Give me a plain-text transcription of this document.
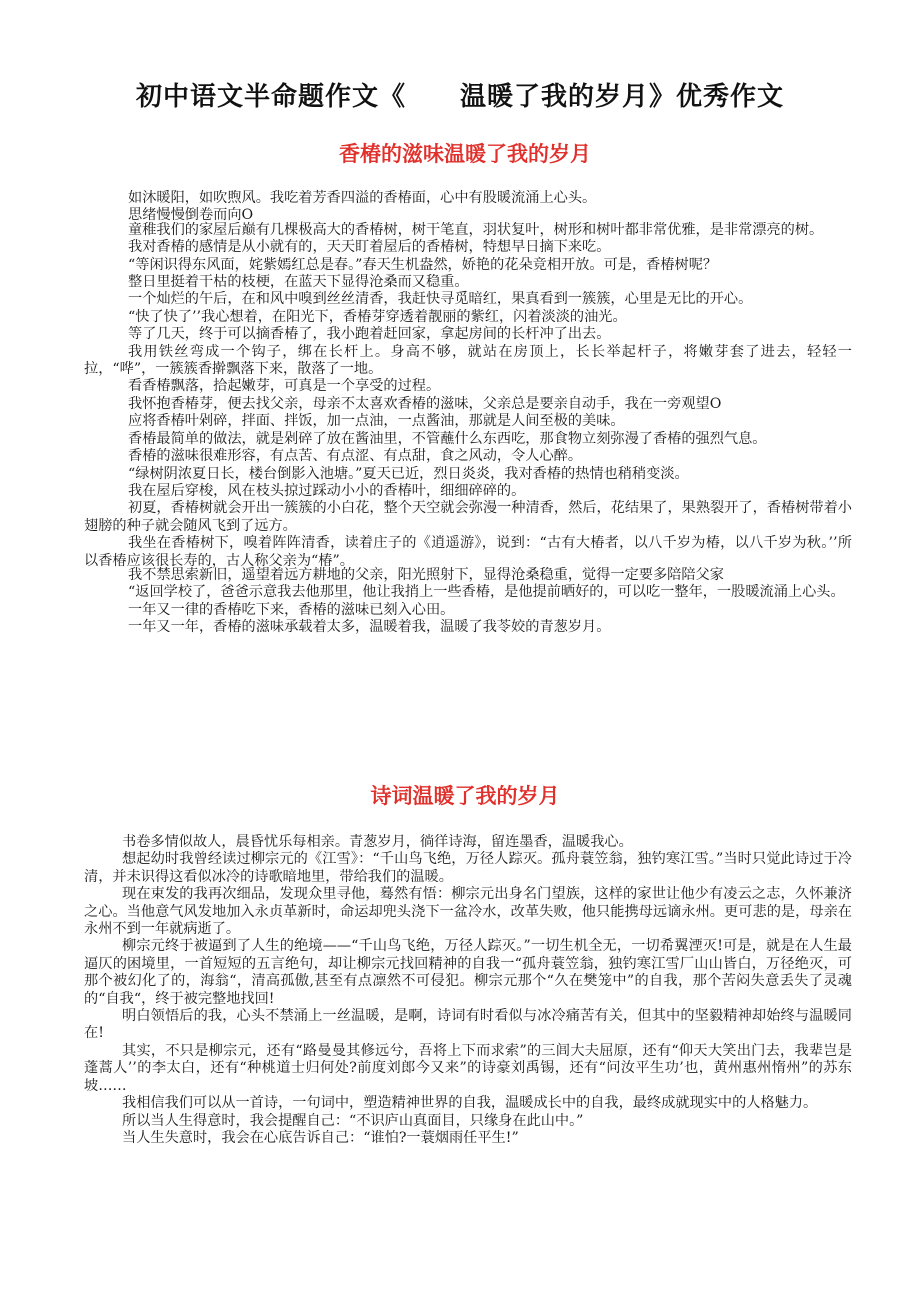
初中语文半命题作文《　　温暖了我的岁月》优秀作文
香椿的滋味温暖了我的岁月

如沐暖阳，如吹煦风。我吃着芳香四溢的香椿面，心中有股暖流涌上心头。

思绪慢慢倒卷而向O

童稚我们的家屋后巅有几棵极高大的香椿树，树干笔直，羽状复叶，树形和树叶都非常优雅，是非常漂亮的树。

我对香椿的感情是从小就有的，天天盯着屋后的香椿树，特想早日摘下来吃。

“等闲识得东风面，姹紫嫣红总是春。”春天生机盎然，娇艳的花朵竞相开放。可是，香椿树呢？

整日里挺着干枯的枝梗，在蓝天下显得沧桑而又稳重。

一个灿烂的午后，在和风中嗅到丝丝清香，我赶快寻觅暗红，果真看到一簇簇，心里是无比的开心。

“快了快了’’我心想着，在阳光下，香椿芽穿透着靓丽的紫红，闪着淡淡的油光。

等了几天，终于可以摘香椿了，我小跑着赶回家，拿起房间的长杆冲了出去。

我用铁丝弯成一个钩子，绑在长杆上。身高不够，就站在房顶上，长长举起杆子，将嫩芽套了进去，轻轻一拉，“哗”，一簇簇香擀飘落下来，散落了一地。

看香椿飘落，拾起嫩芽，可真是一个享受的过程。

我怀抱香椿芽，便去找父亲，母亲不太喜欢香椿的滋味，父亲总是要亲自动手，我在一旁观望O

应将香椿叶剁碎，拌面、拌饭，加一点油，一点酱油，那就是人间至极的美味。

香椿最简单的做法，就是剁碎了放在酱油里，不管蘸什么东西吃，那食物立刻弥漫了香椿的强烈气息。

香椿的滋味很难形容，有点苦、有点涩、有点甜，食之风动，令人心醉。

“绿树阴浓夏日长，楼台倒影入池塘。”夏天已近，烈日炎炎，我对香椿的热情也稍稍变淡。

我在屋后穿梭，风在枝头掠过踩动小小的香椿叶，细细碎碎的。

初夏，香椿树就会开出一簇簇的小白花，整个天空就会弥漫一种清香，然后，花结果了，果熟裂开了，香椿树带着小翅膀的种子就会随风飞到了远方。

我坐在香椿树下，嗅着阵阵清香，读着庄子的《逍遥游》，说到：“古有大椿者，以八千岁为椿，以八千岁为秋。’’所以香椿应该很长寿的，古人称父亲为“椿”。

我不禁思索新旧，遥望着远方耕地的父亲，阳光照射下，显得沧桑稳重，觉得一定要多陪陪父家

“返回学校了，爸爸示意我去他那里，他让我捎上一些香椿，是他提前晒好的，可以吃一整年，一股暖流涌上心头。

一年又一律的香椿吃下来，香椿的滋味已刻入心田。

一年又一年，香椿的滋味承载着太多，温暖着我，温暖了我苓姣的青葱岁月。

诗词温暖了我的岁月

书卷多情似故人，晨昏忧乐每相亲。青葱岁月，徜徉诗海，留连墨香，温暖我心。

想起幼时我曾经读过柳宗元的《江雪》：“千山鸟飞绝，万径人踪灭。孤舟蓑笠翁，独钓寒江雪。”当时只觉此诗过于冷清，并未识得这看似冰冷的诗歌暗地里，带给我们的温暖。

现在束发的我再次细品，发现众里寻他，蓦然有悟：柳宗元出身名门望族，这样的家世让他少有凌云之志，久怀兼济之心。当他意气风发地加入永贞革新时，命运却兜头浇下一盆冷水，改革失败，他只能携母远谪永州。更可悲的是，母亲在永州不到一年就病逝了。

柳宗元终于被逼到了人生的绝境——“千山鸟飞绝，万径人踪灭。”一切生机全无，一切希翼湮灭!可是，就是在人生最逼仄的困境里，一首短短的五言绝句，却让柳宗元找回精神的自我一“孤舟蓑笠翁，独钓寒江雪厂山山皆白，万径绝灭，可那个被幻化了的，海翁“，清高孤傲,甚至有点凛然不可侵犯。柳宗元那个“久在樊笼中”的自我，那个苦闷失意丢失了灵魂的“自我“，终于被完整地找回!

明白领悟后的我，心头不禁涌上一丝温暖，是啊，诗词有时看似与冰冷痛苦有关，但其中的坚毅精神却始终与温暖同在!

其实，不只是柳宗元，还有“路曼曼其修远兮，吾将上下而求索”的三闾大夫屈原，还有“仰天大笑出门去，我辈岂是蓬蒿人’’的李太白，还有“种桃道士归何处?前度刘郎今又来”的诗豪刘禹锡，还有“问汝平生功’也，黄州惠州惰州”的苏东坡……

我相信我们可以从一首诗，一句词中，塑造精神世界的自我，温暖成长中的自我，最终成就现实中的人格魅力。

所以当人生得意时，我会提醒自己：“不识庐山真面目，只缘身在此山中。”

当人生失意时，我会在心底告诉自己：“谁怕?一蓑烟雨任平生!”
